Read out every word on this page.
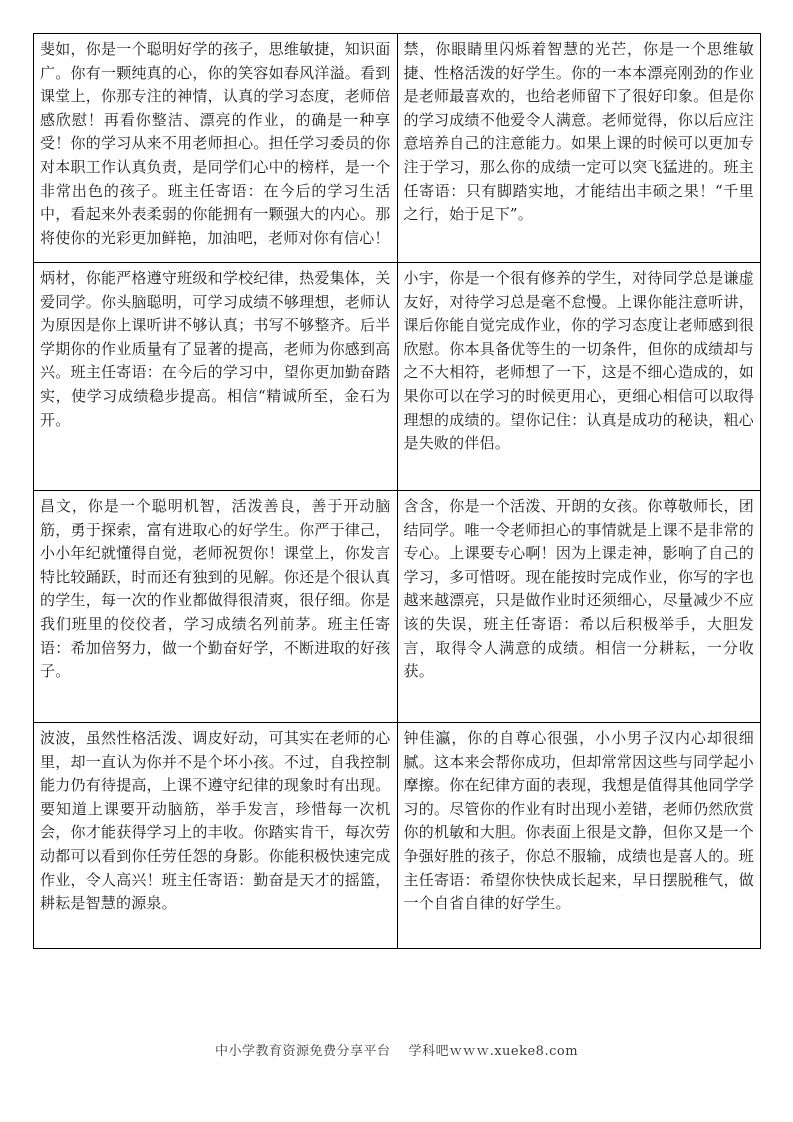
斐如，你是一个聪明好学的孩子，思维敏捷，知识面广。你有一颗纯真的心，你的笑容如春风洋溢。看到课堂上，你那专注的神情，认真的学习态度，老师倍感欣慰！再看你整洁、漂亮的作业，的确是一种享受！你的学习从来不用老师担心。担任学习委员的你对本职工作认真负责，是同学们心中的榜样，是一个非常出色的孩子。班主任寄语：在今后的学习生活中，看起来外表柔弱的你能拥有一颗强大的内心。那将使你的光彩更加鲜艳，加油吧，老师对你有信心！	禁，你眼睛里闪烁着智慧的光芒，你是一个思维敏捷、性格活泼的好学生。你的一本本漂亮刚劲的作业是老师最喜欢的，也给老师留下了很好印象。但是你的学习成绩不他爱令人满意。老师觉得，你以后应注意培养自己的注意能力。如果上课的时候可以更加专注于学习，那么你的成绩一定可以突飞猛进的。班主任寄语：只有脚踏实地，才能结出丰硕之果！“千里之行，始于足下”。

炳材，你能严格遵守班级和学校纪律，热爱集体，关爱同学。你头脑聪明，可学习成绩不够理想，老师认为原因是你上课听讲不够认真；书写不够整齐。后半学期你的作业质量有了显著的提高，老师为你感到高兴。班主任寄语：在今后的学习中，望你更加勤奋踏实，使学习成绩稳步提高。相信“精诚所至，金石为开。	小宇，你是一个很有修养的学生，对待同学总是谦虚友好，对待学习总是毫不怠慢。上课你能注意听讲，课后你能自觉完成作业，你的学习态度让老师感到很欣慰。你本具备优等生的一切条件，但你的成绩却与之不大相符，老师想了一下，这是不细心造成的，如果你可以在学习的时候更用心，更细心相信可以取得理想的成绩的。望你记住：认真是成功的秘诀，粗心是失败的伴侣。

昌文，你是一个聪明机智，活泼善良，善于开动脑筋，勇于探索，富有进取心的好学生。你严于律己，小小年纪就懂得自觉，老师祝贺你！课堂上，你发言特比较踊跃，时而还有独到的见解。你还是个很认真的学生，每一次的作业都做得很清爽，很仔细。你是我们班里的佼佼者，学习成绩名列前茅。班主任寄语：希加倍努力，做一个勤奋好学，不断进取的好孩子。	含含，你是一个活泼、开朗的女孩。你尊敬师长，团结同学。唯一令老师担心的事情就是上课不是非常的专心。上课要专心啊！因为上课走神，影响了自己的学习，多可惜呀。现在能按时完成作业，你写的字也越来越漂亮，只是做作业时还须细心，尽量减少不应该的失误，班主任寄语：希以后积极举手，大胆发言，取得令人满意的成绩。相信一分耕耘，一分收获。

波波，虽然性格活泼、调皮好动，可其实在老师的心里，却一直认为你并不是个坏小孩。不过，自我控制能力仍有待提高，上课不遵守纪律的现象时有出现。要知道上课要开动脑筋，举手发言，珍惜每一次机会，你才能获得学习上的丰收。你踏实肯干，每次劳动都可以看到你任劳任怨的身影。你能积极快速完成作业，令人高兴！班主任寄语：勤奋是天才的摇篮，耕耘是智慧的源泉。	钟佳瀛，你的自尊心很强，小小男子汉内心却很细腻。这本来会帮你成功，但却常常因这些与同学起小摩擦。你在纪律方面的表现，我想是值得其他同学学习的。尽管你的作业有时出现小差错，老师仍然欣赏你的机敏和大胆。你表面上很是文静，但你又是一个争强好胜的孩子，你总不服输，成绩也是喜人的。班主任寄语：希望你快快成长起来，早日摆脱稚气，做一个自省自律的好学生。
中小学教育资源免费分享平台　 学科吧ｗｗｗ.xueke8.com
